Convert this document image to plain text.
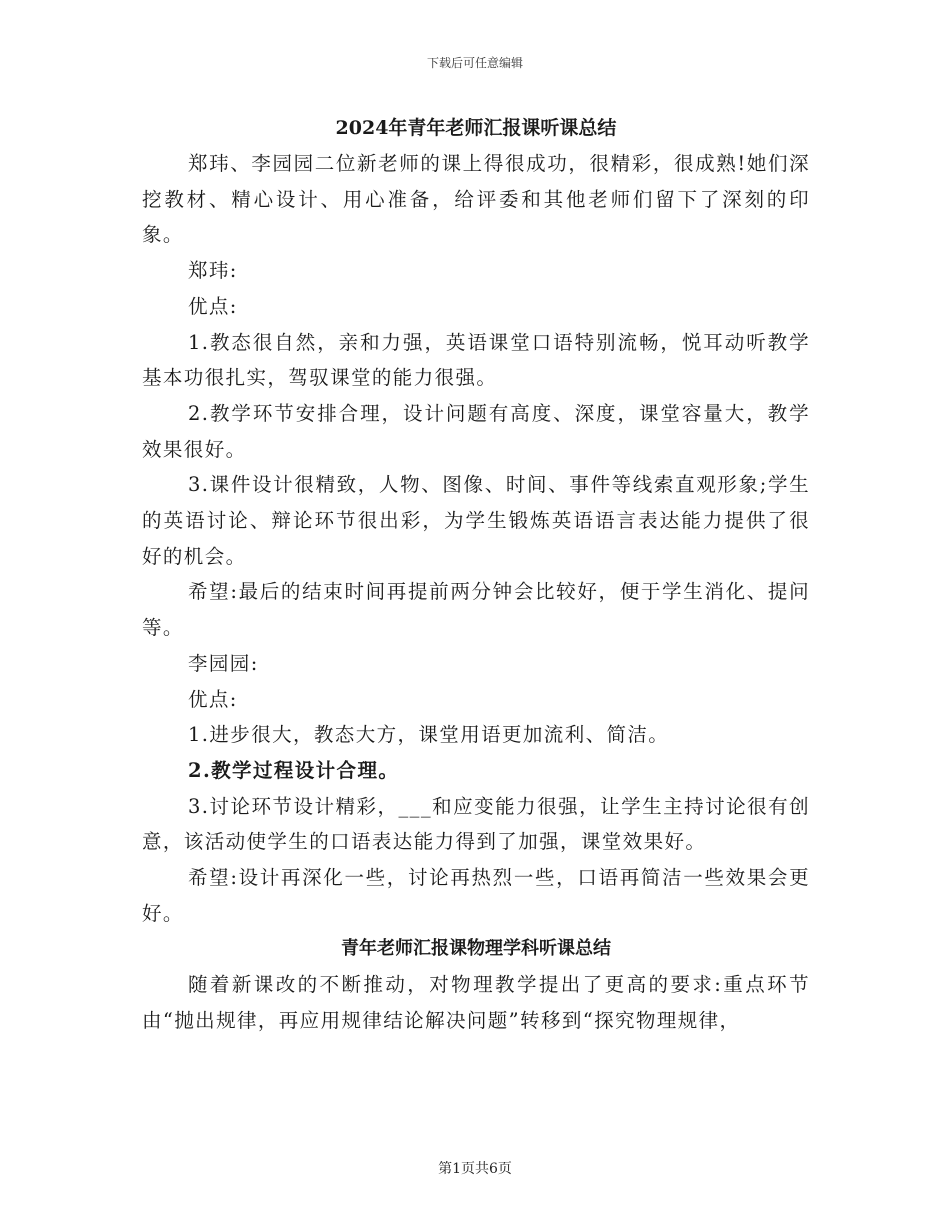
下载后可任意编辑
2024年青年老师汇报课听课总结

郑玮、李园园二位新老师的课上得很成功，很精彩，很成熟!她们深挖教材、精心设计、用心准备，给评委和其他老师们留下了深刻的印象。

郑玮:

优点:

1.教态很自然，亲和力强，英语课堂口语特别流畅，悦耳动听教学基本功很扎实，驾驭课堂的能力很强。

2.教学环节安排合理，设计问题有高度、深度，课堂容量大，教学效果很好。

3.课件设计很精致，人物、图像、时间、事件等线索直观形象;学生的英语讨论、辩论环节很出彩，为学生锻炼英语语言表达能力提供了很好的机会。

希望:最后的结束时间再提前两分钟会比较好，便于学生消化、提问等。

李园园:

优点:

1.进步很大，教态大方，课堂用语更加流利、简洁。

2.教学过程设计合理。

3.讨论环节设计精彩，___和应变能力很强，让学生主持讨论很有创意，该活动使学生的口语表达能力得到了加强，课堂效果好。

希望:设计再深化一些，讨论再热烈一些，口语再简洁一些效果会更好。

青年老师汇报课物理学科听课总结

随着新课改的不断推动，对物理教学提出了更高的要求:重点环节由“抛出规律，再应用规律结论解决问题”转移到“探究物理规律，

第1页共6页
